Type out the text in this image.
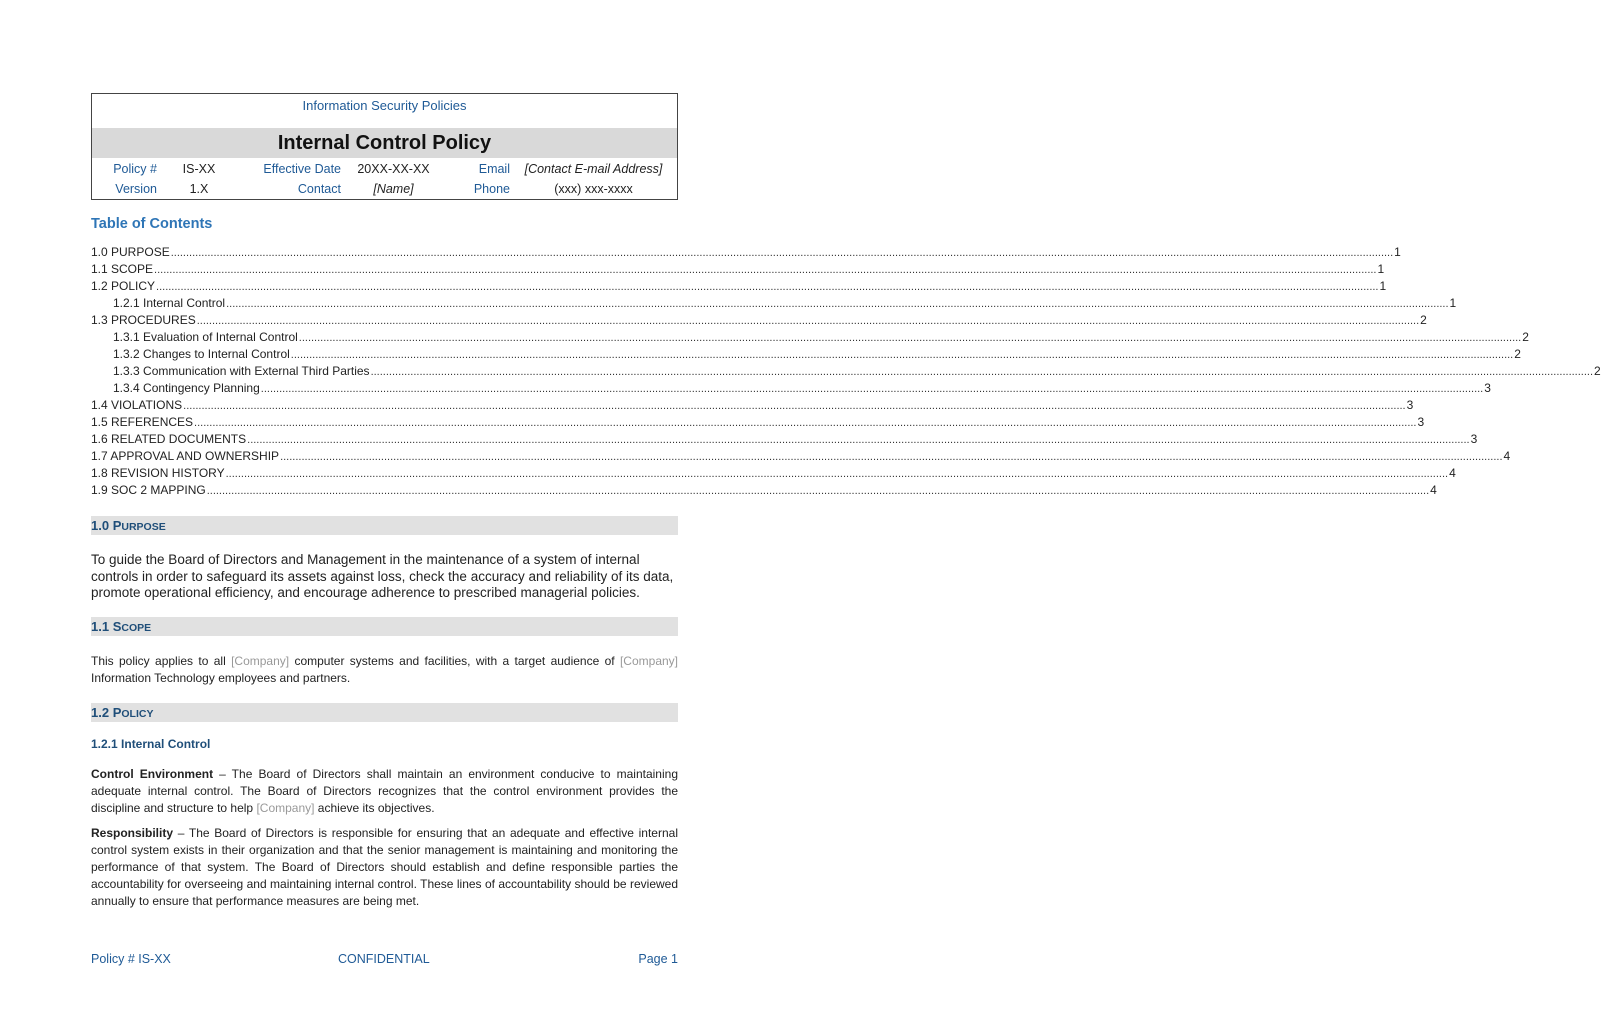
Information Security Policies
Internal Control Policy
Policy #	IS-XX	Effective Date	20XX-XX-XX	Email	[Contact E-mail Address]
Version	1.X	Contact	[Name]	Phone	(xxx) xxx-xxxx
Table of Contents
1.0 PURPOSE ................................................................................................................................................................................................................................................................................................................................................................................................................ 1
1.1 SCOPE ................................................................................................................................................................................................................................................................................................................................................................................................................ 1
1.2 POLICY ................................................................................................................................................................................................................................................................................................................................................................................................................ 1
1.2.1 Internal Control ................................................................................................................................................................................................................................................................................................................................................................................................................ 1
1.3 PROCEDURES ................................................................................................................................................................................................................................................................................................................................................................................................................ 2
1.3.1 Evaluation of Internal Control ................................................................................................................................................................................................................................................................................................................................................................................................................ 2
1.3.2 Changes to Internal Control ................................................................................................................................................................................................................................................................................................................................................................................................................ 2
1.3.3 Communication with External Third Parties ................................................................................................................................................................................................................................................................................................................................................................................................................ 2
1.3.4 Contingency Planning ................................................................................................................................................................................................................................................................................................................................................................................................................ 3
1.4 VIOLATIONS ................................................................................................................................................................................................................................................................................................................................................................................................................ 3
1.5 REFERENCES ................................................................................................................................................................................................................................................................................................................................................................................................................ 3
1.6 RELATED DOCUMENTS ................................................................................................................................................................................................................................................................................................................................................................................................................ 3
1.7 APPROVAL AND OWNERSHIP ................................................................................................................................................................................................................................................................................................................................................................................................................ 4
1.8 REVISION HISTORY ................................................................................................................................................................................................................................................................................................................................................................................................................ 4
1.9 SOC 2 MAPPING ................................................................................................................................................................................................................................................................................................................................................................................................................ 4
1.0 PURPOSE
To guide the Board of Directors and Management in the maintenance of a system of internal controls in order to safeguard its assets against loss, check the accuracy and reliability of its data, promote operational efficiency, and encourage adherence to prescribed managerial policies.
1.1 SCOPE
This policy applies to all [Company] computer systems and facilities, with a target audience of [Company] Information Technology employees and partners.
1.2 POLICY
1.2.1 Internal Control
Control Environment – The Board of Directors shall maintain an environment conducive to maintaining adequate internal control. The Board of Directors recognizes that the control environment provides the discipline and structure to help [Company] achieve its objectives.
Responsibility – The Board of Directors is responsible for ensuring that an adequate and effective internal control system exists in their organization and that the senior management is maintaining and monitoring the performance of that system. The Board of Directors should establish and define responsible parties the accountability for overseeing and maintaining internal control. These lines of accountability should be reviewed annually to ensure that performance measures are being met.
Policy # IS-XX	CONFIDENTIAL	Page 1
